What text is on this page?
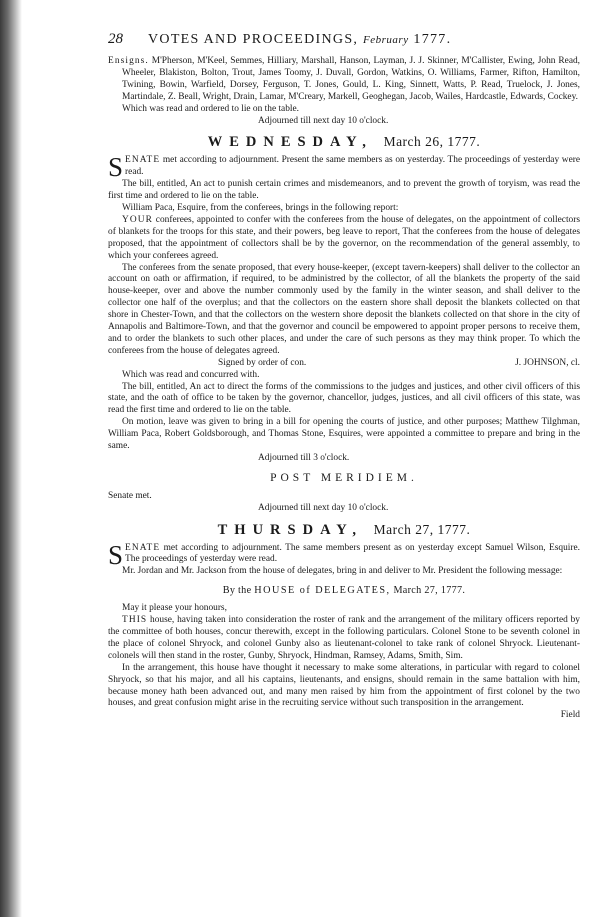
28 VOTES AND PROCEEDINGS, February 1777.

Ensigns. M'Pherson, M'Keel, Semmes, Hilliary, Marshall, Hanson, Layman, J. J. Skinner, M'Callister, Ewing, John Read, Wheeler, Blakiston, Bolton, Trout, James Toomy, J. Duvall, Gordon, Watkins, O. Williams, Farmer, Rifton, Hamilton, Twining, Bowin, Warfield, Dorsey, Ferguson, T. Jones, Gould, L. King, Sinnett, Watts, P. Read, Truelock, J. Jones, Martindale, Z. Beall, Wright, Drain, Lamar, M'Creary, Markell, Geoghegan, Jacob, Wailes, Hardcastle, Edwards, Cockey.

Which was read and ordered to lie on the table.

Adjourned till next day 10 o'clock.

WEDNESDAY, March 26, 1777.

SENATE met according to adjournment. Present the same members as on yesterday. The proceedings of yesterday were read.

The bill, entitled, An act to punish certain crimes and misdemeanors, and to prevent the growth of toryism, was read the first time and ordered to lie on the table.

William Paca, Esquire, from the conferees, brings in the following report:

YOUR conferees, appointed to confer with the conferees from the house of delegates, on the appointment of collectors of blankets for the troops for this state, and their powers, beg leave to report, That the conferees from the house of delegates proposed, that the appointment of collectors shall be by the governor, on the recommendation of the general assembly, to which your conferees agreed.

The conferees from the senate proposed, that every house-keeper, (except tavern-keepers) shall deliver to the collector an account on oath or affirmation, if required, to be administred by the collector, of all the blankets the property of the said house-keeper, over and above the number commonly used by the family in the winter season, and shall deliver to the collector one half of the overplus; and that the collectors on the eastern shore shall deposit the blankets collected on that shore in Chester-Town, and that the collectors on the western shore deposit the blankets collected on that shore in the city of Annapolis and Baltimore-Town, and that the governor and council be empowered to appoint proper persons to receive them, and to order the blankets to such other places, and under the care of such persons as they may think proper. To which the conferees from the house of delegates agreed.

Signed by order of con.	J. JOHNSON, cl.

Which was read and concurred with.

The bill, entitled, An act to direct the forms of the commissions to the judges and justices, and other civil officers of this state, and the oath of office to be taken by the governor, chancellor, judges, justices, and all civil officers of this state, was read the first time and ordered to lie on the table.

On motion, leave was given to bring in a bill for opening the courts of justice, and other purposes; Matthew Tilghman, William Paca, Robert Goldsborough, and Thomas Stone, Esquires, were appointed a committee to prepare and bring in the same.

Adjourned till 3 o'clock.

POST MERIDIEM.

Senate met.

Adjourned till next day 10 o'clock.

THURSDAY, March 27, 1777.

SENATE met according to adjournment. The same members present as on yesterday except Samuel Wilson, Esquire. The proceedings of yesterday were read.

Mr. Jordan and Mr. Jackson from the house of delegates, bring in and deliver to Mr. President the following message:

By the HOUSE of DELEGATES, March 27, 1777.

May it please your honours,

THIS house, having taken into consideration the roster of rank and the arrangement of the military officers reported by the committee of both houses, concur therewith, except in the following particulars. Colonel Stone to be seventh colonel in the place of colonel Shryock, and colonel Gunby also as lieutenant-colonel to take rank of colonel Shryock. Lieutenant-colonels will then stand in the roster, Gunby, Shryock, Hindman, Ramsey, Adams, Smith, Sim.

In the arrangement, this house have thought it necessary to make some alterations, in particular with regard to colonel Shryock, so that his major, and all his captains, lieutenants, and ensigns, should remain in the same battalion with him, because money hath been advanced out, and many men raised by him from the appointment of first colonel by the two houses, and great confusion might arise in the recruiting service without such transposition in the arrangement.

Field
